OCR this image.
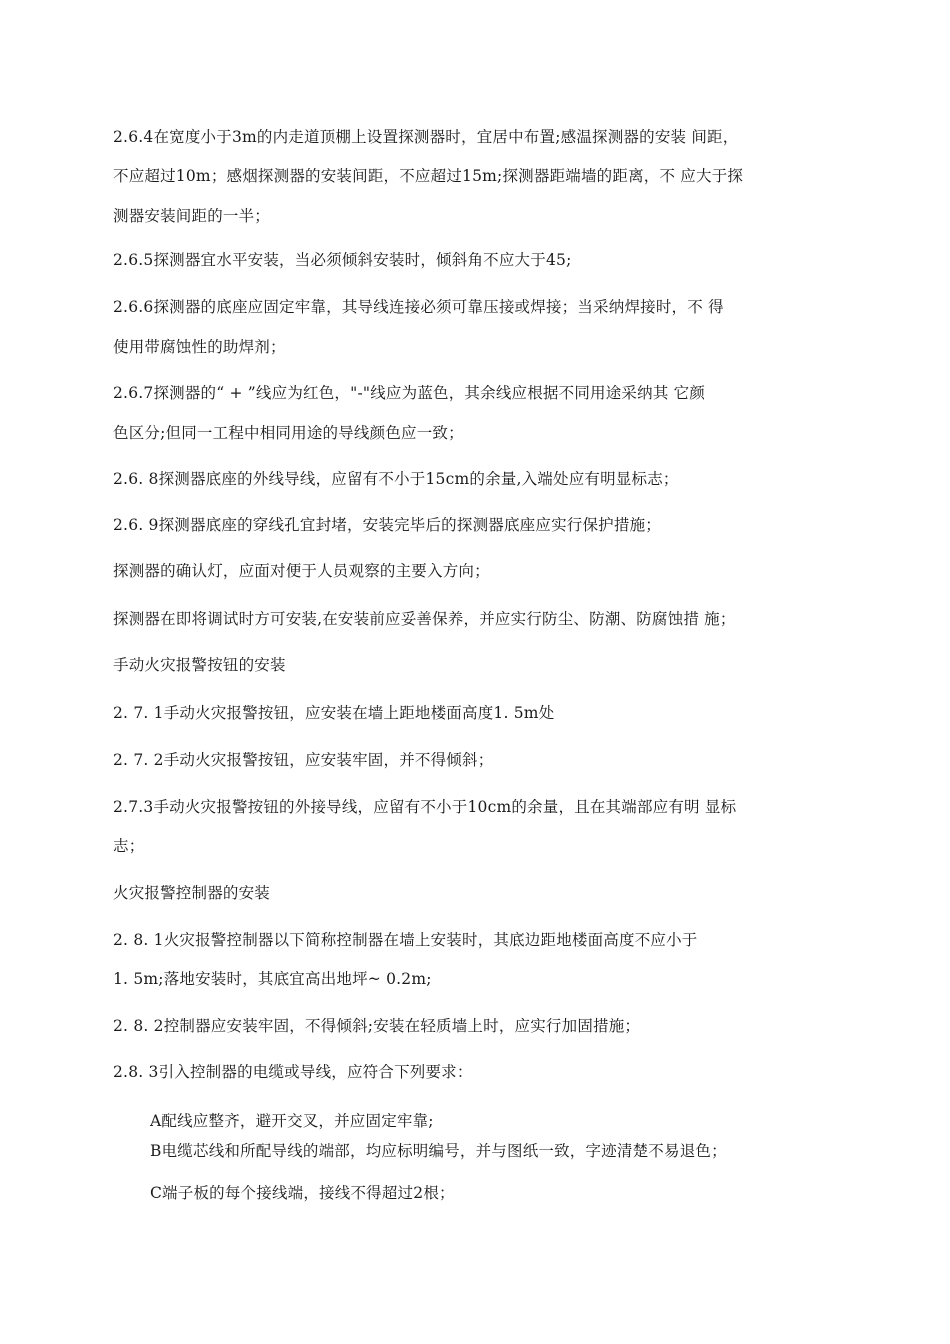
2.6.4在宽度小于3m的内走道顶棚上设置探测器时，宜居中布置;感温探测器的安装 间距，
不应超过10m；感烟探测器的安装间距，不应超过15m;探测器距端墙的距离，不 应大于探
测器安装间距的一半；
2.6.5探测器宜水平安装，当必须倾斜安装时，倾斜角不应大于45;
2.6.6探测器的底座应固定牢靠，其导线连接必须可靠压接或焊接；当采纳焊接时，不 得
使用带腐蚀性的助焊剂；
2.6.7探测器的“ + ”线应为红色，"-"线应为蓝色，其余线应根据不同用途采纳其 它颜
色区分;但同一工程中相同用途的导线颜色应一致；
2.6. 8探测器底座的外线导线，应留有不小于15cm的余量,入端处应有明显标志；
2.6. 9探测器底座的穿线孔宜封堵，安装完毕后的探测器底座应实行保护措施；
探测器的确认灯，应面对便于人员观察的主要入方向；
探测器在即将调试时方可安装,在安装前应妥善保养，并应实行防尘、防潮、防腐蚀措 施；
手动火灾报警按钮的安装
2. 7. 1手动火灾报警按钮，应安装在墙上距地楼面高度1. 5m处
2. 7. 2手动火灾报警按钮，应安装牢固，并不得倾斜；
2.7.3手动火灾报警按钮的外接导线，应留有不小于10cm的余量，且在其端部应有明 显标
志；
火灾报警控制器的安装
2. 8. 1火灾报警控制器以下简称控制器在墙上安装时，其底边距地楼面高度不应小于
1. 5m;落地安装时，其底宜高出地坪~ 0.2m;
2. 8. 2控制器应安装牢固，不得倾斜;安装在轻质墙上时，应实行加固措施；
2.8. 3引入控制器的电缆或导线，应符合下列要求：
A配线应整齐，避开交叉，并应固定牢靠;
B电缆芯线和所配导线的端部，均应标明编号，并与图纸一致，字迹清楚不易退色；
C端子板的每个接线端，接线不得超过2根；
